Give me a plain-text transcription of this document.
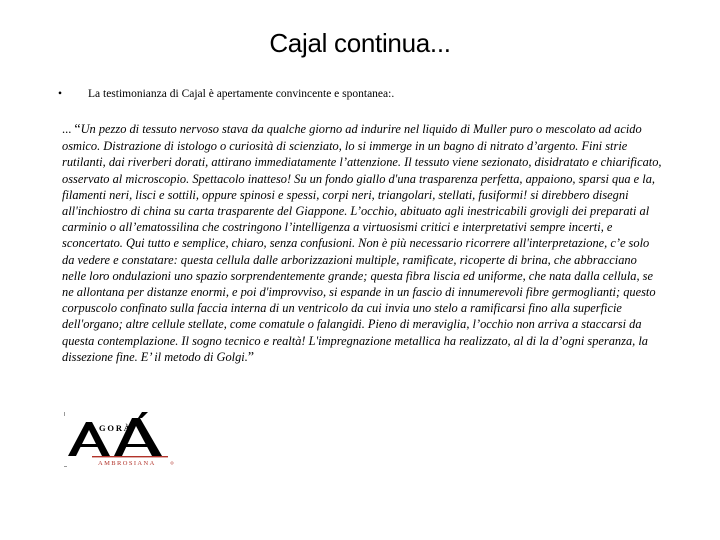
Cajal continua...
•	La testimonianza di Cajal è apertamente convincente e spontanea:.
... “Un pezzo di tessuto nervoso stava da qualche giorno ad indurire nel liquido di Muller puro o mescolato ad acido osmico. Distrazione di istologo o curiosità di scienziato, lo si immerge in un bagno di nitrato d’argento. Fini strie rutilanti, dai riverberi dorati, attirano immediatamente l’attenzione. Il tessuto viene sezionato, disidratato e chiarificato, osservato al microscopio. Spettacolo inatteso! Su un fondo giallo d'una trasparenza perfetta, appaiono, sparsi qua e la, filamenti neri, lisci e sottili, oppure spinosi e spessi, corpi neri, triangolari, stellati, fusiformi! si direbbero disegni all'inchiostro di china su carta trasparente del Giappone. L’occhio, abituato agli inestricabili grovigli dei preparati al carminio o all’ematossilina che costringono l’intelligenza a virtuosismi critici e interpretativi sempre incerti, e sconcertato. Qui tutto e semplice, chiaro, senza confusioni. Non è più necessario ricorrere all'interpretazione, c’e solo da vedere e constatare: questa cellula dalle arborizzazioni multiple, ramificate, ricoperte di brina, che abbracciano nelle loro ondulazioni uno spazio sorprendentemente grande; questa fibra liscia ed uniforme, che nata dalla cellula, se ne allontana per distanze enormi, e poi d'improvviso, si espande in un fascio di innumerevoli fibre germoglianti; questo corpuscolo confinato sulla faccia interna di un ventricolo da cui invia uno stelo a ramificarsi fino alla superficie dell'organo; altre cellule stellate, come comatule o falangidi. Pieno di meraviglia, l’occhio non arriva a staccarsi da questa contemplazione. Il sogno tecnico e realtà! L'impregnazione metallica ha realizzato, al di la d’ogni speranza, la dissezione fine. E’ il metodo di Golgi.”
GORÀ
AMBROSIANA
